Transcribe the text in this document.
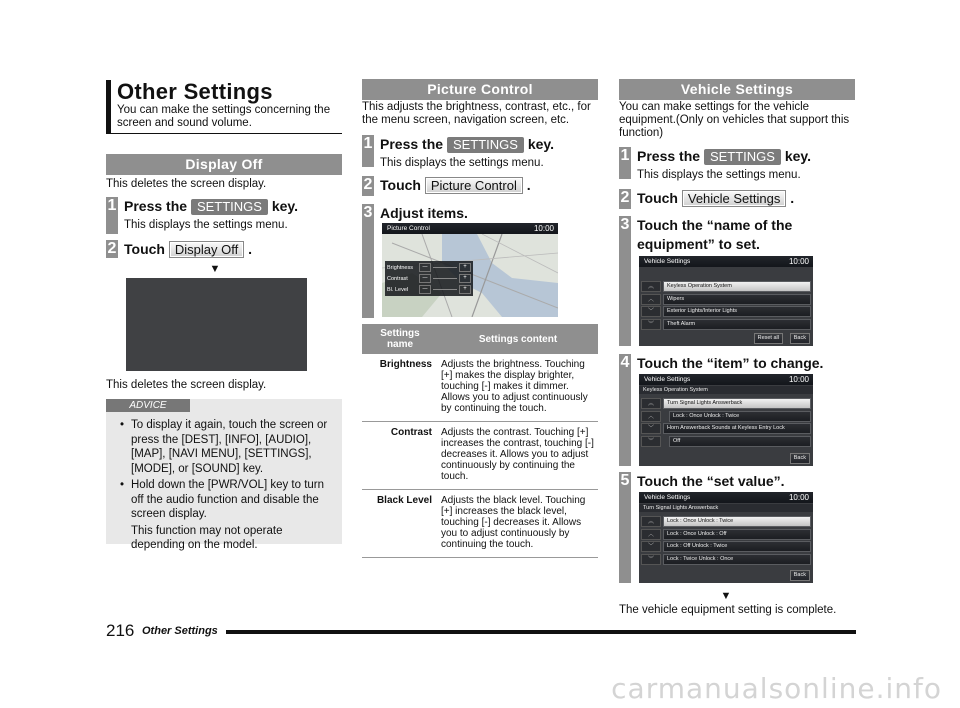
Other Settings
You can make the settings concerning the screen and sound volume.
Display Off
This deletes the screen display.
1 Press the SETTINGS key.
This displays the settings menu.
2 Touch Display Off .
▼
This deletes the screen display.
ADVICE
• To display it again, touch the screen or press the [DEST], [INFO], [AUDIO], [MAP], [NAVI MENU], [SETTINGS], [MODE], or [SOUND] key.
• Hold down the [PWR/VOL] key to turn off the audio function and disable the screen display.
This function may not operate depending on the model.
Picture Control
This adjusts the brightness, contrast, etc., for the menu screen, navigation screen, etc.
1 Press the SETTINGS key.
This displays the settings menu.
2 Touch Picture Control .
3 Adjust items.
Picture Control	10:00
Brightness	—	+
Contrast	—	+
Bl. Level	—	+
Settings name	Settings content
Brightness	Adjusts the brightness. Touching [+] makes the display brighter, touching [-] makes it dimmer. Allows you to adjust continuously by continuing the touch.
Contrast	Adjusts the contrast. Touching [+] increases the contrast, touching [-] decreases it. Allows you to adjust continuously by continuing the touch.
Black Level	Adjusts the black level. Touching [+] increases the black level, touching [-] decreases it. Allows you to adjust continuously by continuing the touch.
Vehicle Settings
You can make settings for the vehicle equipment.(Only on vehicles that support this function)
1 Press the SETTINGS key.
This displays the settings menu.
2 Touch Vehicle Settings .
3 Touch the “name of the equipment” to set.
Vehicle Settings	10:00
︽	Keyless Operation System
︿	Wipers
﹀	Exterior Lights/Interior Lights
︾	Theft Alarm
Reset all	Back
4 Touch the “item” to change.
Vehicle Settings	10:00
Keyless Operation System
︽	Turn Signal Lights Answerback
︿	Lock : Once Unlock : Twice
﹀	Horn Answerback Sounds at Keyless Entry Lock
︾	Off
Back
5 Touch the “set value”.
Vehicle Settings	10:00
Turn Signal Lights Answerback
︽	Lock : Once Unlock : Twice
︿	Lock : Once Unlock : Off
﹀	Lock : Off Unlock : Twice
︾	Lock : Twice Unlock : Once
Back
▼
The vehicle equipment setting is complete.
216 Other Settings
carmanualsonline.info
